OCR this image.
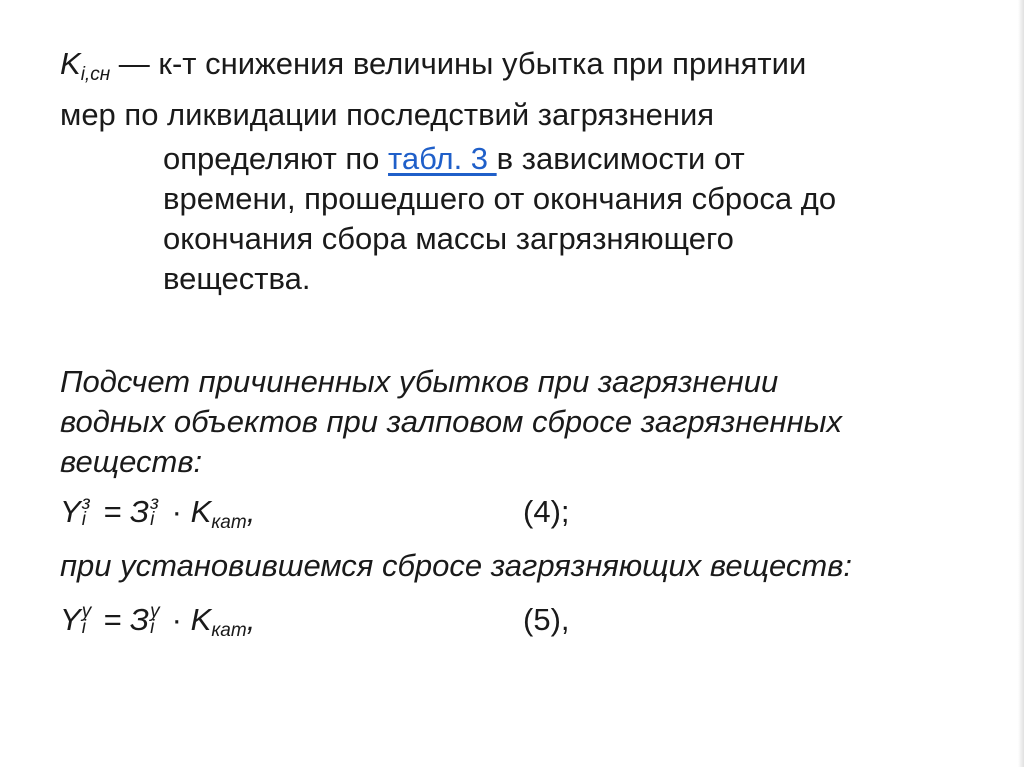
$K_{i,сн}$ — к-т снижения величины убытка при принятии
мер по ликвидации последствий загрязнения
определяют по табл. 3 в зависимости от
времени, прошедшего от окончания сброса до
окончания сбора массы загрязняющего
вещества.
Подсчет причиненных убытков при загрязнении
водных объектов при залповом сбросе загрязненных
веществ:
Y з
i = З з
$i \cdot K_{кат}$,	(4);
при установившемся сбросе загрязняющих веществ:
Y у
i = З у
$i \cdot K_{кат}$,	(5),
